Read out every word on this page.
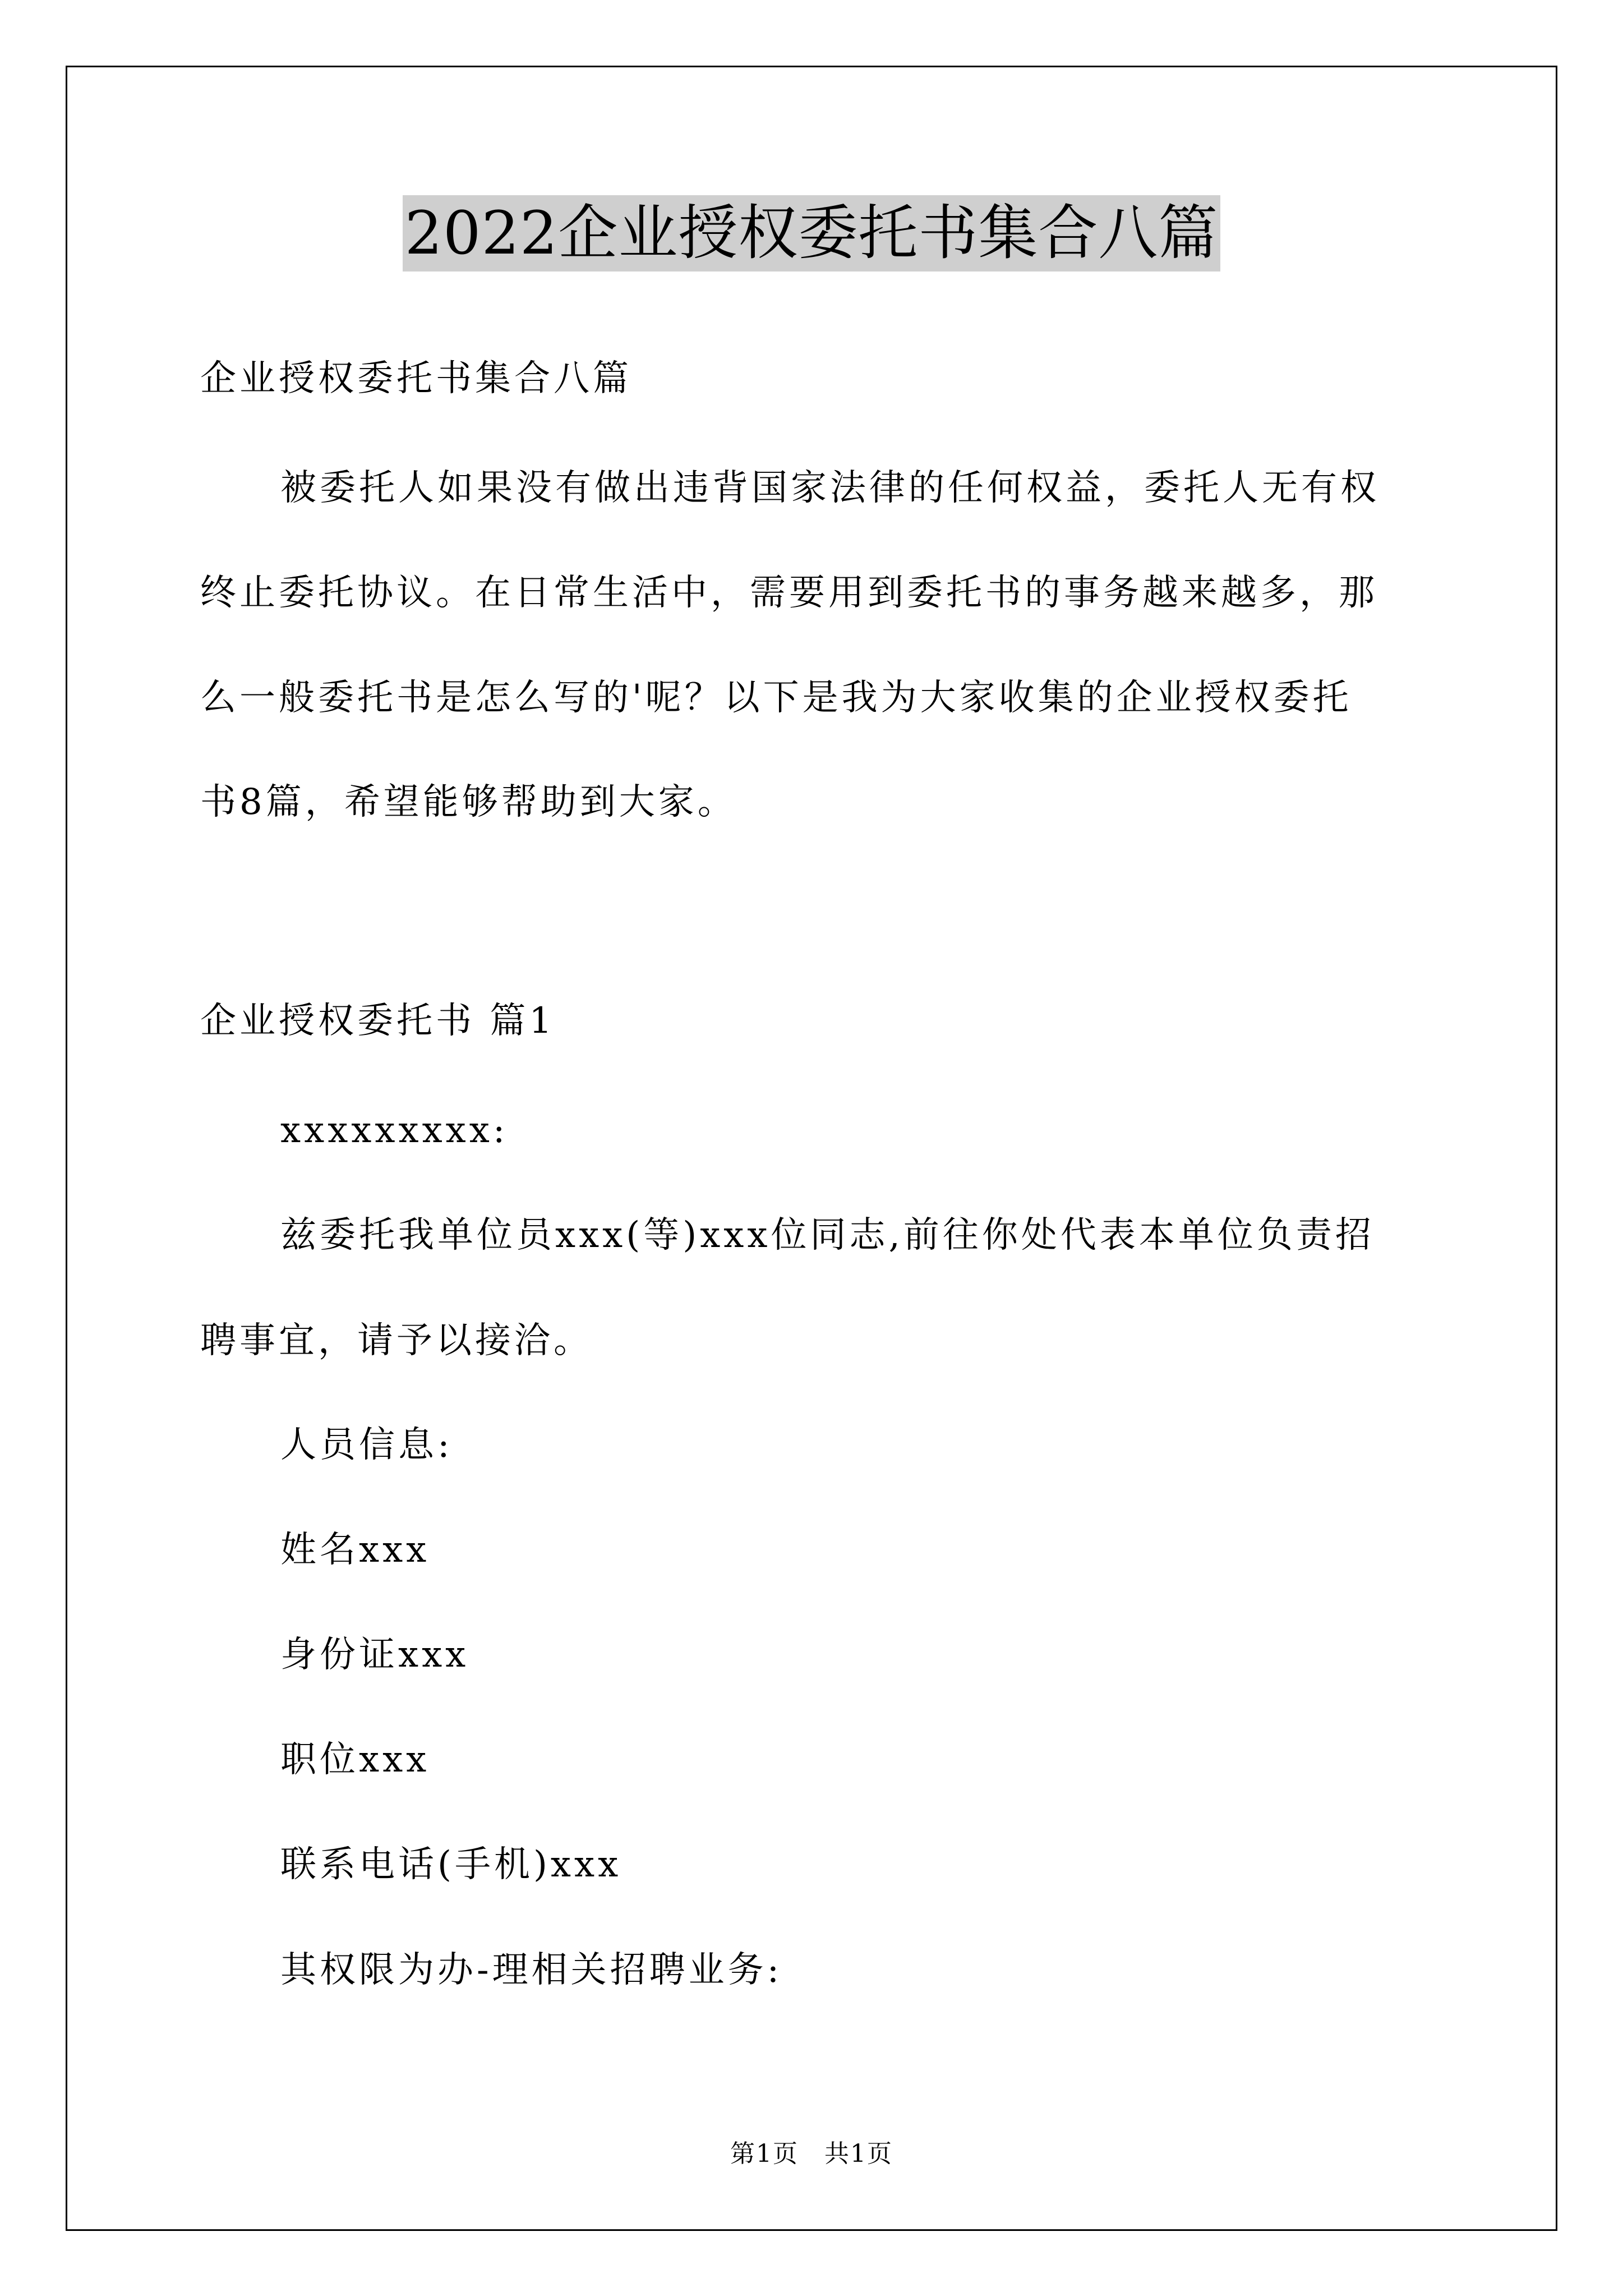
2022企业授权委托书集合八篇
企业授权委托书集合八篇
被委托人如果没有做出违背国家法律的任何权益，委托人无有权
终止委托协议。在日常生活中，需要用到委托书的事务越来越多，那
么一般委托书是怎么写的'呢？以下是我为大家收集的企业授权委托
书8篇，希望能够帮助到大家。
企业授权委托书 篇1
xxxxxxxxx:
兹委托我单位员xxx(等)xxx位同志,前往你处代表本单位负责招
聘事宜，请予以接洽。
人员信息:
姓名xxx
身份证xxx
职位xxx
联系电话(手机)xxx
其权限为办-理相关招聘业务:
第1页　共1页
